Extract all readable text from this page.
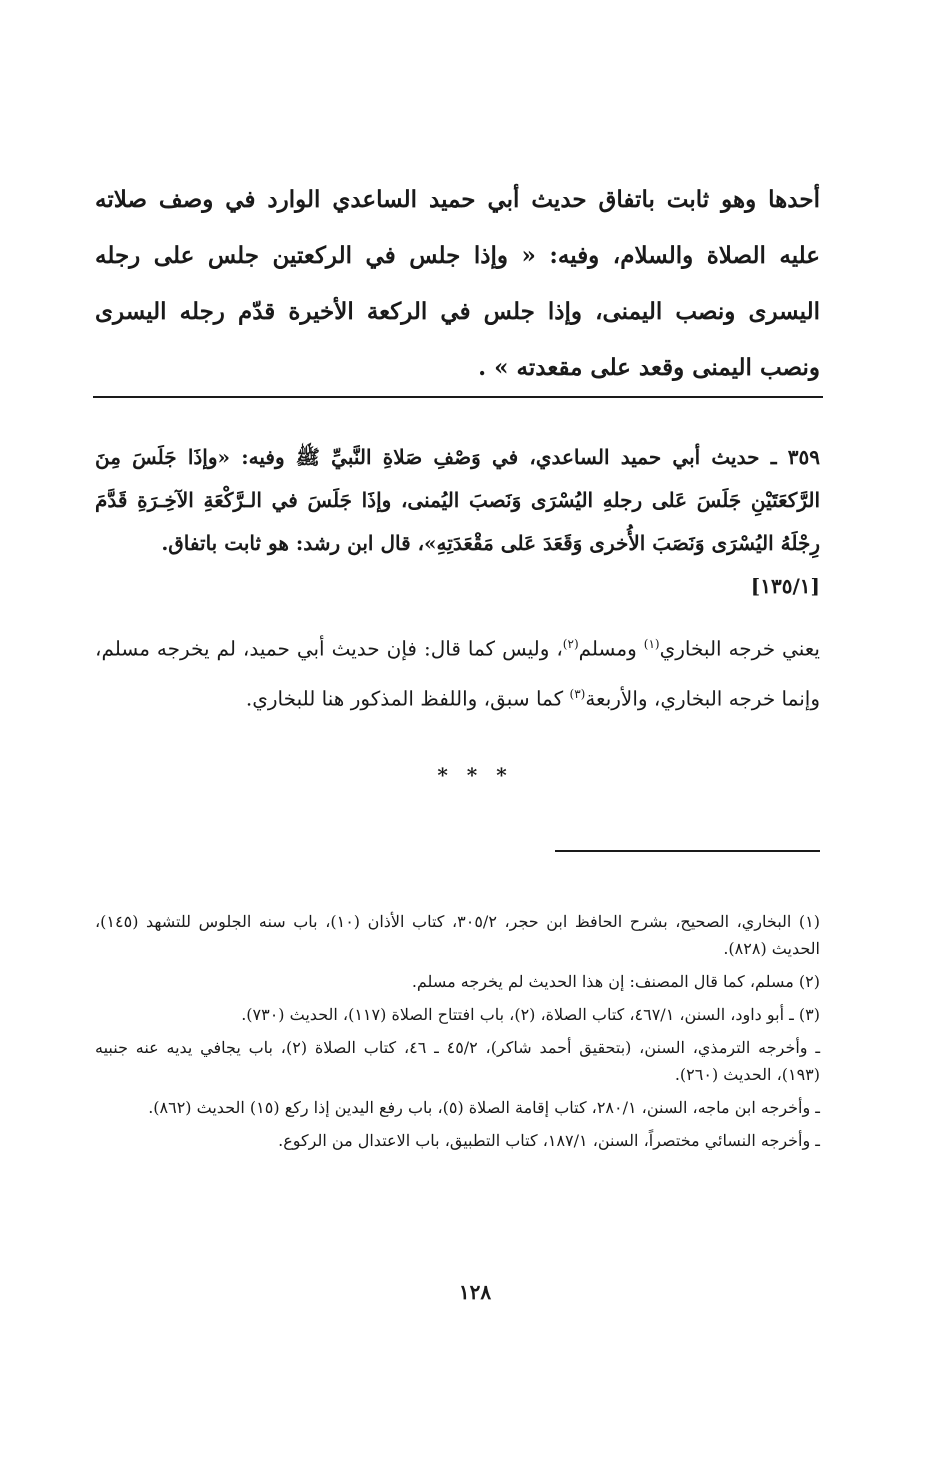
أحدها وهو ثابت باتفاق حديث أبي حميد الساعدي الوارد في وصف صلاته عليه الصلاة والسلام، وفيه: « وإذا جلس في الركعتين جلس على رجله اليسرى ونصب اليمنى، وإذا جلس في الركعة الأخيرة قدّم رجله اليسرى ونصب اليمنى وقعد على مقعدته » .

٣٥٩ ـ حديث أبي حميد الساعدي، في وَصْفِ صَلاةِ النَّبيِّ ﷺ وفيه: «وإذَا جَلَسَ مِنَ الرَّكعَتَيْنِ جَلَسَ عَلى رجلهِ اليُسْرَى وَنَصبَ اليُمنى، وإذَا جَلَسَ في الـرَّكْعَةِ الآخِـرَةِ قَدَّمَ رِجْلَهُ اليُسْرَى وَنَصَبَ الأُخرى وَقَعَدَ عَلى مَقْعَدَتِهِ»، قال ابن رشد: هو ثابت باتفاق.

[١٣٥/١]

يعني خرجه البخاري$^{(١)}$ ومسلم$^{(٢)}$، وليس كما قال: فإن حديث أبي حميد، لم يخرجه مسلم، وإنما خرجه البخاري، والأربعة$^{(٣)}$ كما سبق، واللفظ المذكور هنا للبخاري.

* * *

(١) البخاري، الصحيح، بشرح الحافظ ابن حجر، ٣٠٥/٢، كتاب الأذان (١٠)، باب سنه الجلوس للتشهد (١٤٥)، الحديث (٨٢٨).

(٢) مسلم، كما قال المصنف: إن هذا الحديث لم يخرجه مسلم.

(٣) ـ أبو داود، السنن، ٤٦٧/١، كتاب الصلاة، (٢)، باب افتتاح الصلاة (١١٧)، الحديث (٧٣٠).

ـ وأخرجه الترمذي، السنن، (بتحقيق أحمد شاكر)، ٤٥/٢ ـ ٤٦، كتاب الصلاة (٢)، باب يجافي يديه عنه جنبيه (١٩٣)، الحديث (٢٦٠).

ـ وأخرجه ابن ماجه، السنن، ٢٨٠/١، كتاب إقامة الصلاة (٥)، باب رفع اليدين إذا ركع (١٥) الحديث (٨٦٢).

ـ وأخرجه النسائي مختصراً، السنن، ١٨٧/١، كتاب التطبيق، باب الاعتدال من الركوع.

١٢٨
